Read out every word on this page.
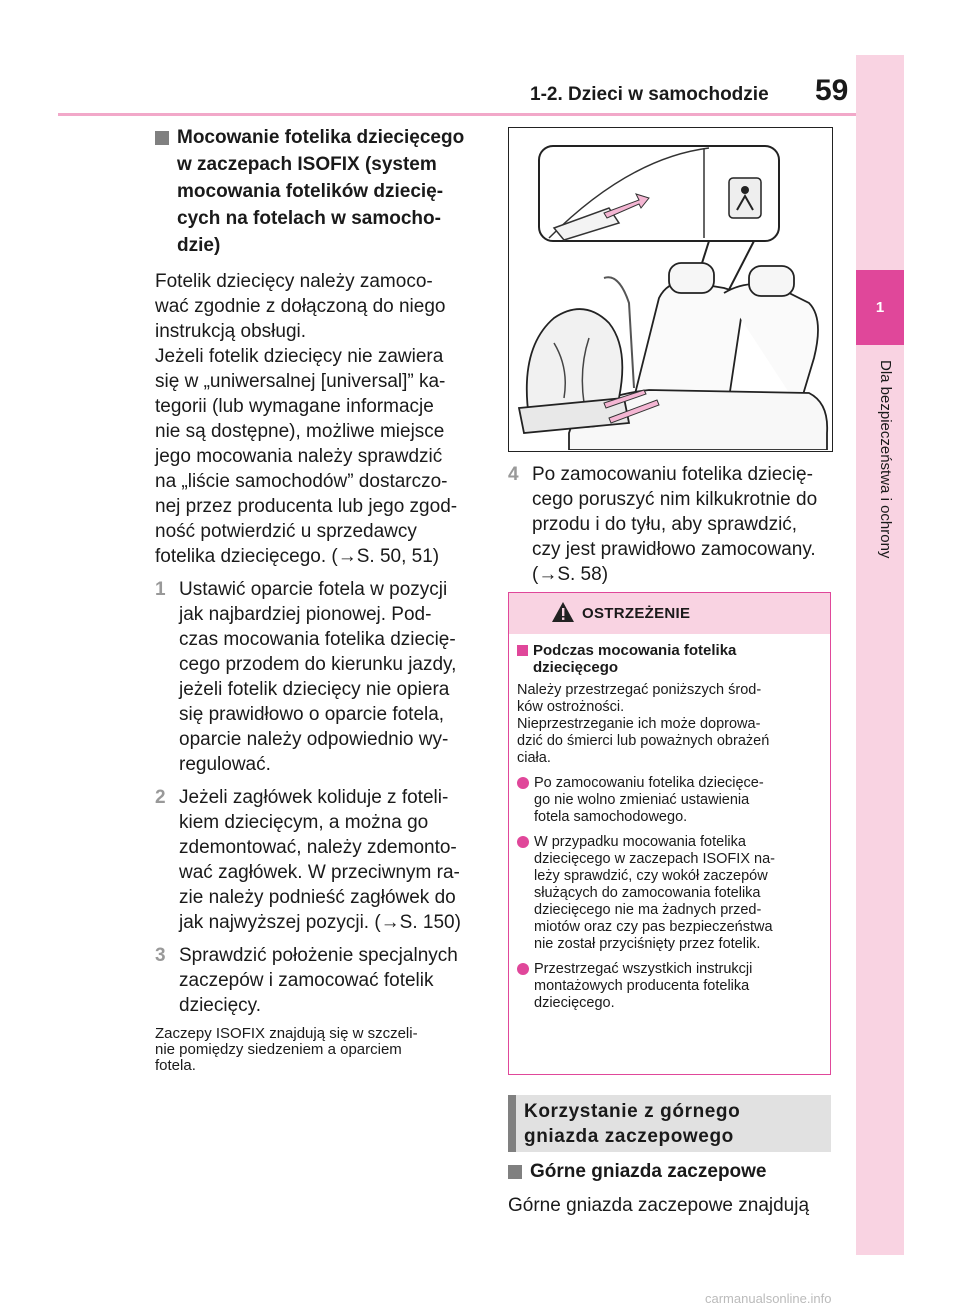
1-2. Dzieci w samochodzie 59
1
Dla bezpieczeństwa i ochrony
Mocowanie fotelika dziecięcego
w zaczepach ISOFIX (system
mocowania fotelików dziecię-
cych na fotelach w samocho-
dzie)
Fotelik dziecięcy należy zamoco-
wać zgodnie z dołączoną do niego
instrukcją obsługi.
Jeżeli fotelik dziecięcy nie zawiera
się w „uniwersalnej [universal]” ka-
tegorii (lub wymagane informacje
nie są dostępne), możliwe miejsce
jego mocowania należy sprawdzić
na „liście samochodów” dostarczo-
nej przez producenta lub jego zgod-
ność potwierdzić u sprzedawcy
fotelika dziecięcego. (→S. 50, 51)
1 Ustawić oparcie fotela w pozycji
jak najbardziej pionowej. Pod-
czas mocowania fotelika dziecię-
cego przodem do kierunku jazdy,
jeżeli fotelik dziecięcy nie opiera
się prawidłowo o oparcie fotela,
oparcie należy odpowiednio wy-
regulować.
2 Jeżeli zagłówek koliduje z foteli-
kiem dziecięcym, a można go
zdemontować, należy zdemonto-
wać zagłówek. W przeciwnym ra-
zie należy podnieść zagłówek do
jak najwyższej pozycji. (→S. 150)
3 Sprawdzić położenie specjalnych
zaczepów i zamocować fotelik
dziecięcy.
Zaczepy ISOFIX znajdują się w szczeli-
nie pomiędzy siedzeniem a oparciem
fotela.
4 Po zamocowaniu fotelika dziecię-
cego poruszyć nim kilkukrotnie do
przodu i do tyłu, aby sprawdzić,
czy jest prawidłowo zamocowany.
(→S. 58)
OSTRZEŻENIE
Podczas mocowania fotelika
dziecięcego
Należy przestrzegać poniższych środ-
ków ostrożności.
Nieprzestrzeganie ich może doprowa-
dzić do śmierci lub poważnych obrażeń
ciała.
Po zamocowaniu fotelika dziecięce-
go nie wolno zmieniać ustawienia
fotela samochodowego.
W przypadku mocowania fotelika
dziecięcego w zaczepach ISOFIX na-
leży sprawdzić, czy wokół zaczepów
służących do zamocowania fotelika
dziecięcego nie ma żadnych przed-
miotów oraz czy pas bezpieczeństwa
nie został przyciśnięty przez fotelik.
Przestrzegać wszystkich instrukcji
montażowych producenta fotelika
dziecięcego.
Korzystanie z górnego
gniazda zaczepowego
Górne gniazda zaczepowe
Górne gniazda zaczepowe znajdują
carmanualsonline.info
